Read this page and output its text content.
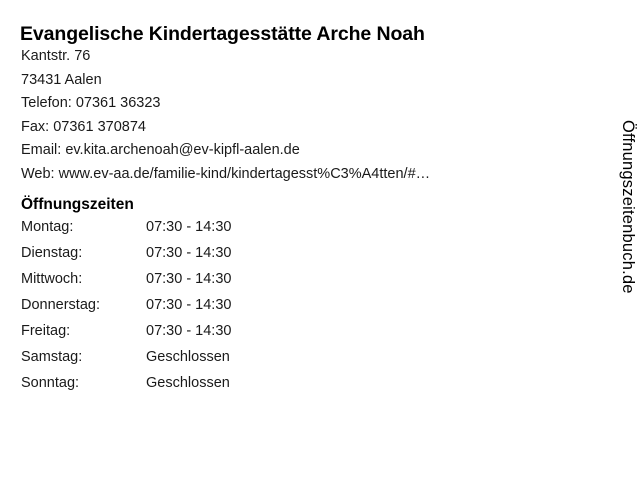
Evangelische Kindertagesstätte Arche Noah
Kantstr. 76
73431 Aalen
Telefon: 07361 36323
Fax: 07361 370874
Email: ev.kita.archenoah@ev-kipfl-aalen.de
Web: www.ev-aa.de/familie-kind/kindertagesst%C3%A4tten/#…
Öffnungszeiten
Montag:	07:30 - 14:30
Dienstag:	07:30 - 14:30
Mittwoch:	07:30 - 14:30
Donnerstag:	07:30 - 14:30
Freitag:	07:30 - 14:30
Samstag:	Geschlossen
Sonntag:	Geschlossen
Öffnungszeitenbuch.de
